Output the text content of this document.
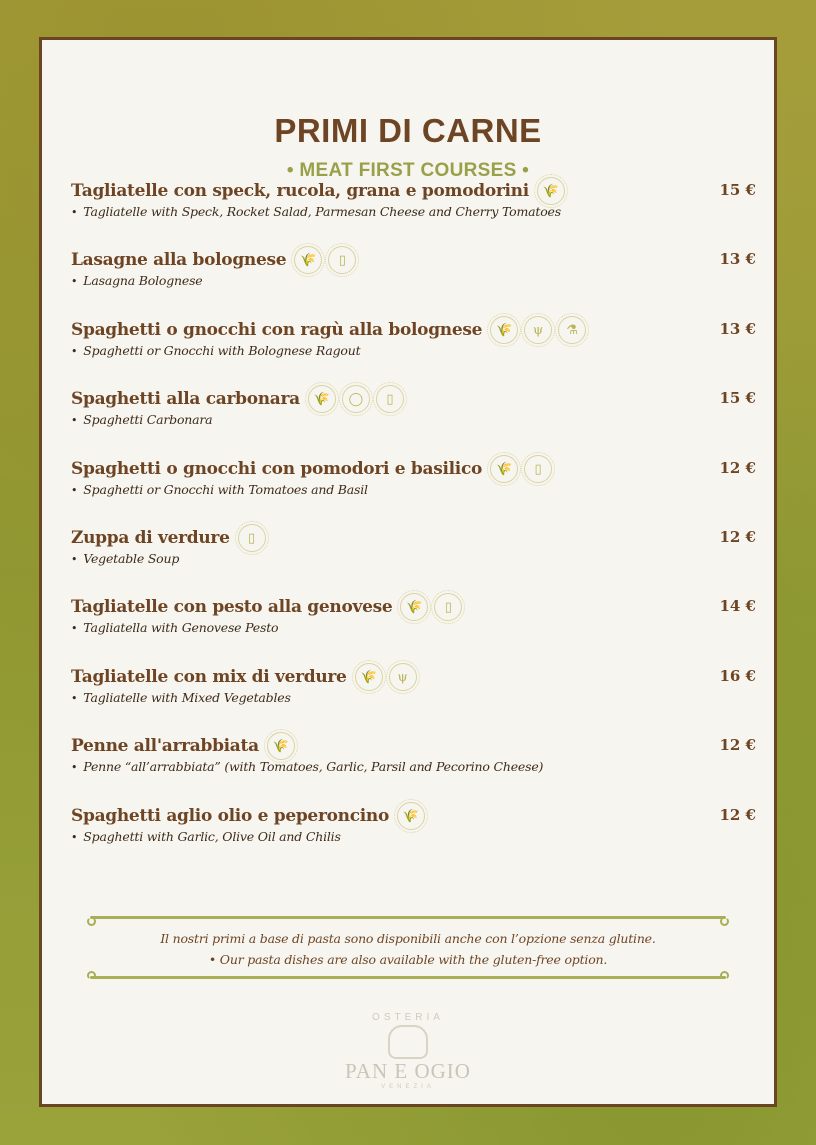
PRIMI DI CARNE
• MEAT FIRST COURSES •
Tagliatelle con speck, rucola, grana e pomodorini	🌾
• Tagliatelle with Speck, Rocket Salad, Parmesan Cheese and Cherry Tomatoes
15 €
Lasagne alla bolognese	🌾	▯
• Lasagna Bolognese
13 €
Spaghetti o gnocchi con ragù alla bolognese	🌾	ψ	⚗
• Spaghetti or Gnocchi with Bolognese Ragout
13 €
Spaghetti alla carbonara	🌾	◯	▯
• Spaghetti Carbonara
15 €
Spaghetti o gnocchi con pomodori e basilico	🌾	▯
• Spaghetti or Gnocchi with Tomatoes and Basil
12 €
Zuppa di verdure	▯
• Vegetable Soup
12 €
Tagliatelle con pesto alla genovese	🌾	▯
• Tagliatella with Genovese Pesto
14 €
Tagliatelle con mix di verdure	🌾	ψ
• Tagliatelle with Mixed Vegetables
16 €
Penne all'arrabbiata	🌾
• Penne “all’arrabbiata” (with Tomatoes, Garlic, Parsil and Pecorino Cheese)
12 €
Spaghetti aglio olio e peperoncino	🌾
• Spaghetti with Garlic, Olive Oil and Chilis
12 €
Il nostri primi a base di pasta sono disponibili anche con l’opzione senza glutine.
• Our pasta dishes are also available with the gluten-free option.
OSTERIA
PAN E OGIO
VENEZIA
